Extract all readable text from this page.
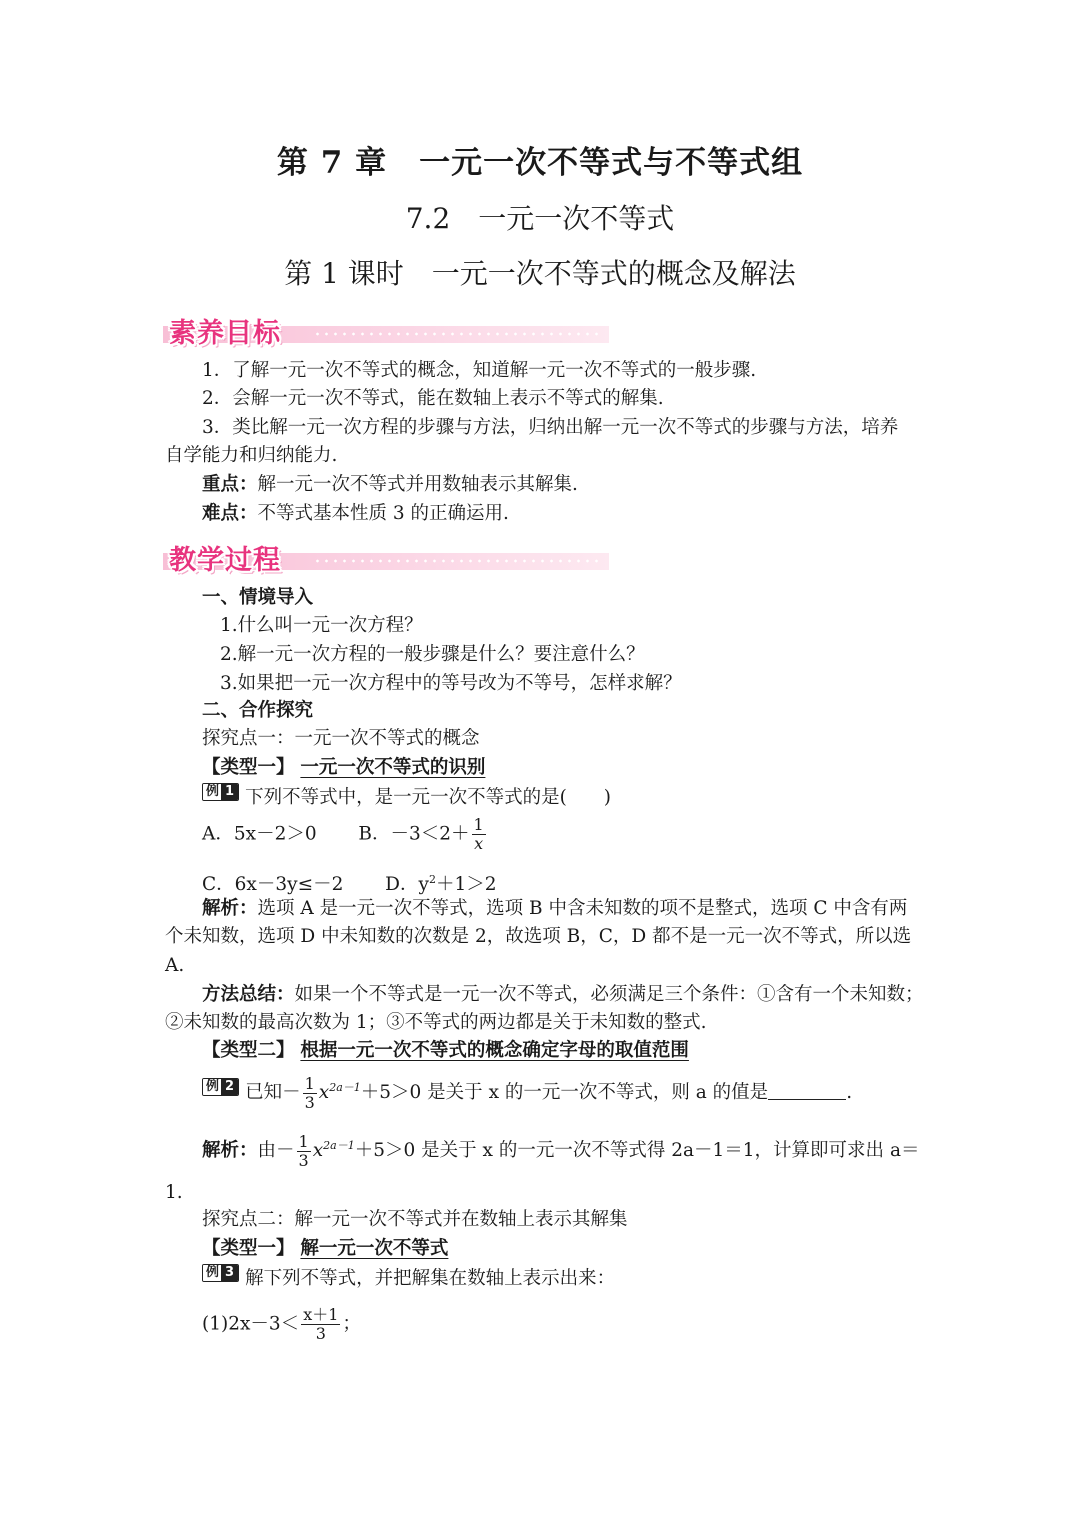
第 7 章　一元一次不等式与不等式组
7.2　一元一次不等式
第 1 课时　一元一次不等式的概念及解法
素养目标
1．了解一元一次不等式的概念，知道解一元一次不等式的一般步骤.
2．会解一元一次不等式，能在数轴上表示不等式的解集.
3．类比解一元一次方程的步骤与方法，归纳出解一元一次不等式的步骤与方法，培养
自学能力和归纳能力.
重点：解一元一次不等式并用数轴表示其解集.
难点：不等式基本性质 3 的正确运用.
教学过程
一、情境导入
1.什么叫一元一次方程？
2.解一元一次方程的一般步骤是什么？要注意什么？
3.如果把一元一次方程中的等号改为不等号，怎样求解？
二、合作探究
探究点一：一元一次不等式的概念
【类型一】 一元一次不等式的识别
例 1 下列不等式中，是一元一次不等式的是(　　)
A．5x－2＞0 B．$-3<2+ \frac{1}{x}$
C．6x－3y≤－2 D．$y^2+1>2$
解析：选项 A 是一元一次不等式，选项 B 中含未知数的项不是整式，选项 C 中含有两
个未知数，选项 D 中未知数的次数是 2，故选项 B，C，D 都不是一元一次不等式，所以选
A.
方法总结：如果一个不等式是一元一次不等式，必须满足三个条件：①含有一个未知数；
②未知数的最高次数为 1；③不等式的两边都是关于未知数的整式.
【类型二】 根据一元一次不等式的概念确定字母的取值范围
例 2 已知－ $\frac{1}{3} x^{2a-1}+5>0$ 是关于 x 的一元一次不等式，则 a 的值是	.
解析：由－ $\frac{1}{3} x^{2a-1}+5>0$ 是关于 x 的一元一次不等式得 2a－1＝1，计算即可求出 a＝
1.
探究点二：解一元一次不等式并在数轴上表示其解集
【类型一】 解一元一次不等式
例 3 解下列不等式，并把解集在数轴上表示出来：
$(1)2x-3< \frac{x+1}{3}$ ；
